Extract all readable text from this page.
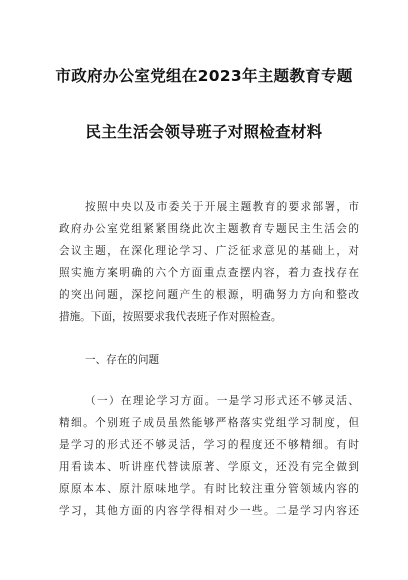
市政府办公室党组在2023年主题教育专题
民主生活会领导班子对照检查材料
按照中央以及市委关于开展主题教育的要求部署，市
政府办公室党组紧紧围绕此次主题教育专题民主生活会的
会议主题，在深化理论学习、广泛征求意见的基础上，对
照实施方案明确的六个方面重点查摆内容，着力查找存在
的突出问题，深挖问题产生的根源，明确努力方向和整改
措施。下面，按照要求我代表班子作对照检查。
一、存在的问题
（一）在理论学习方面。一是学习形式还不够灵活、
精细。个别班子成员虽然能够严格落实党组学习制度，但
是学习的形式还不够灵活，学习的程度还不够精细。有时
用看读本、听讲座代替读原著、学原文，还没有完全做到
原原本本、原汁原味地学。有时比较注重分管领域内容的
学习，其他方面的内容学得相对少一些。二是学习内容还
